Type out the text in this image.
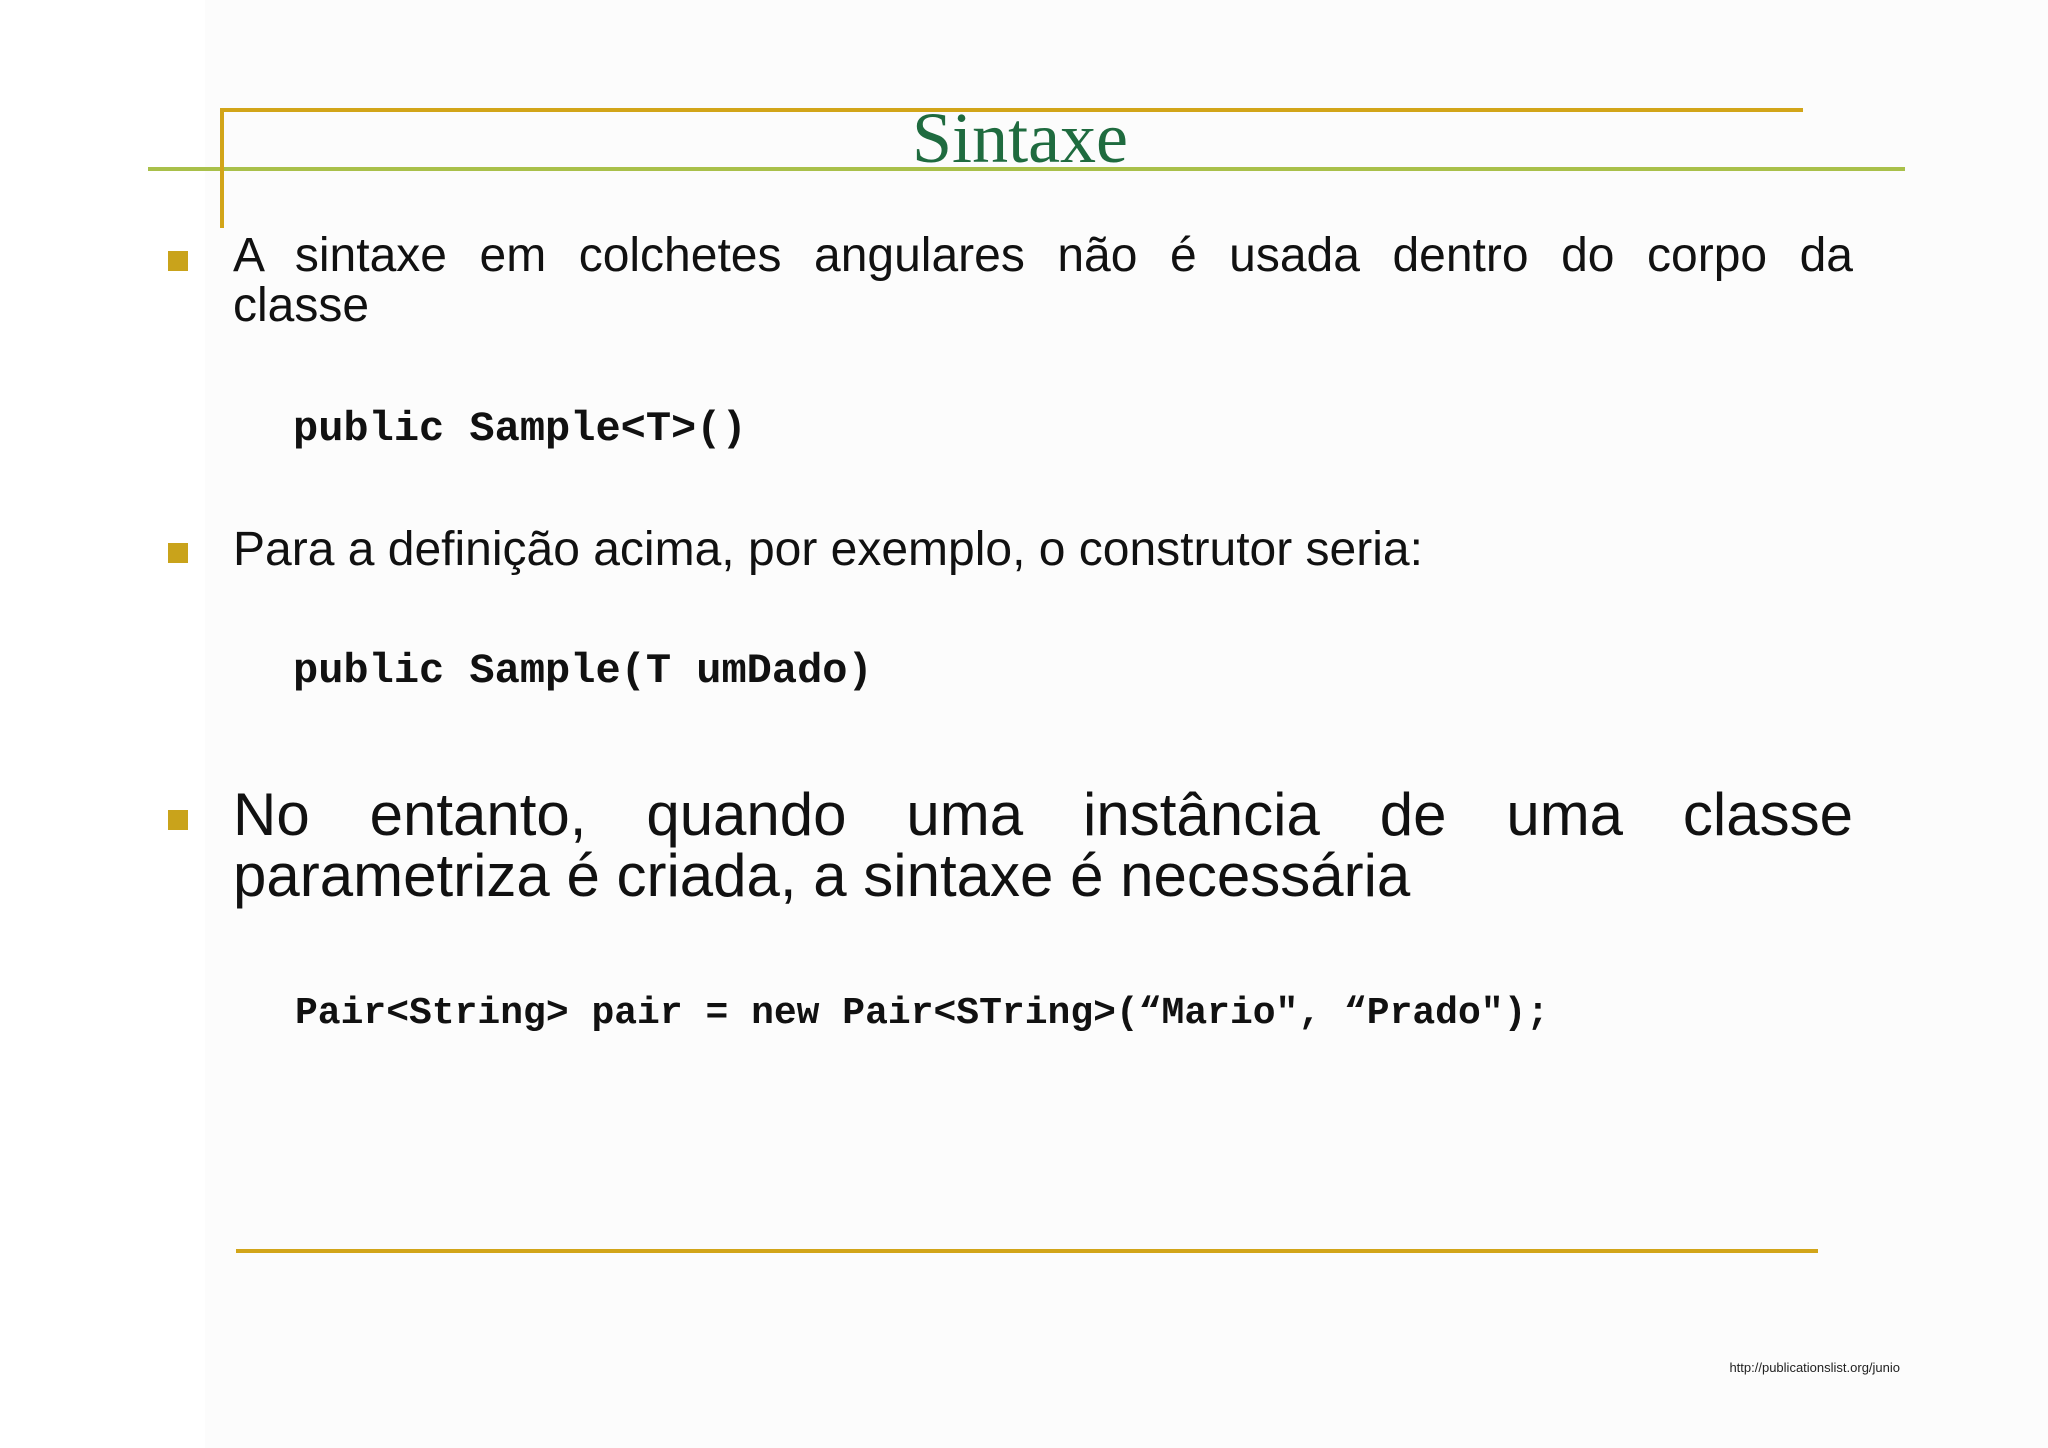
Sintaxe
A sintaxe em colchetes angulares não é usada dentro do corpo da
classe
public Sample<T>()
Para a definição acima, por exemplo, o construtor seria:
public Sample(T umDado)
No entanto, quando uma instância de uma classe
parametriza é criada, a sintaxe é necessária
Pair<String> pair = new Pair<STring>(“Mario", “Prado");
http://publicationslist.org/junio
